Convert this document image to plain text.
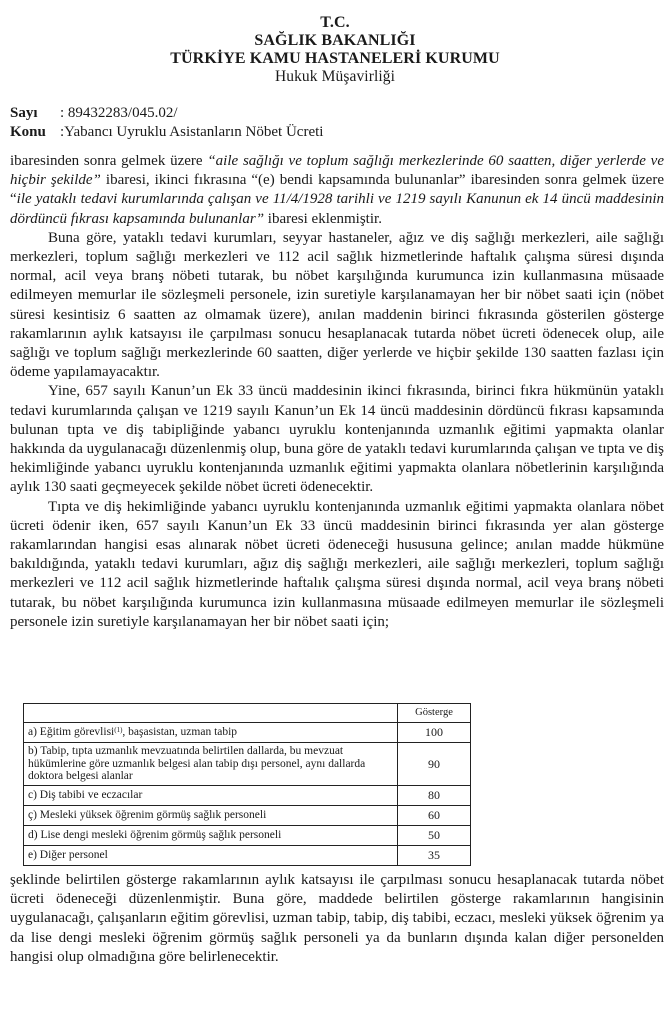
T.C.
SAĞLIK BAKANLIĞI
TÜRKİYE KAMU HASTANELERİ KURUMU
Hukuk Müşavirliği
Sayı : 89432283/045.02/
Konu :Yabancı Uyruklu Asistanların Nöbet Ücreti

ibaresinden sonra gelmek üzere “aile sağlığı ve toplum sağlığı merkezlerinde 60 saatten, diğer yerlerde ve hiçbir şekilde” ibaresi, ikinci fıkrasına “(e) bendi kapsamında bulunanlar” ibaresinden sonra gelmek üzere “ile yataklı tedavi kurumlarında çalışan ve 11/4/1928 tarihli ve 1219 sayılı Kanunun ek 14 üncü maddesinin dördüncü fıkrası kapsamında bulunanlar” ibaresi eklenmiştir.

Buna göre, yataklı tedavi kurumları, seyyar hastaneler, ağız ve diş sağlığı merkezleri, aile sağlığı merkezleri, toplum sağlığı merkezleri ve 112 acil sağlık hizmetlerinde haftalık çalışma süresi dışında normal, acil veya branş nöbeti tutarak, bu nöbet karşılığında kurumunca izin kullanmasına müsaade edilmeyen memurlar ile sözleşmeli personele, izin suretiyle karşılanamayan her bir nöbet saati için (nöbet süresi kesintisiz 6 saatten az olmamak üzere), anılan maddenin birinci fıkrasında gösterilen gösterge rakamlarının aylık katsayısı ile çarpılması sonucu hesaplanacak tutarda nöbet ücreti ödenecek olup, aile sağlığı ve toplum sağlığı merkezlerinde 60 saatten, diğer yerlerde ve hiçbir şekilde 130 saatten fazlası için ödeme yapılamayacaktır.

Yine, 657 sayılı Kanun’un Ek 33 üncü maddesinin ikinci fıkrasında, birinci fıkra hükmünün yataklı tedavi kurumlarında çalışan ve 1219 sayılı Kanun’un Ek 14 üncü maddesinin dördüncü fıkrası kapsamında bulunan tıpta ve diş tabipliğinde yabancı uyruklu kontenjanında uzmanlık eğitimi yapmakta olanlar hakkında da uygulanacağı düzenlenmiş olup, buna göre de yataklı tedavi kurumlarında çalışan ve tıpta ve diş hekimliğinde yabancı uyruklu kontenjanında uzmanlık eğitimi yapmakta olanlara nöbetlerinin karşılığında aylık 130 saati geçmeyecek şekilde nöbet ücreti ödenecektir.

Tıpta ve diş hekimliğinde yabancı uyruklu kontenjanında uzmanlık eğitimi yapmakta olanlara nöbet ücreti ödenir iken, 657 sayılı Kanun’un Ek 33 üncü maddesinin birinci fıkrasında yer alan gösterge rakamlarından hangisi esas alınarak nöbet ücreti ödeneceği hususuna gelince; anılan madde hükmüne bakıldığında, yataklı tedavi kurumları, ağız diş sağlığı merkezleri, aile sağlığı merkezleri, toplum sağlığı merkezleri ve 112 acil sağlık hizmetlerinde haftalık çalışma süresi dışında normal, acil veya branş nöbeti tutarak, bu nöbet karşılığında kurumunca izin kullanmasına müsaade edilmeyen memurlar ile sözleşmeli personele izin suretiyle karşılanamayan her bir nöbet saati için;

	Gösterge
a) Eğitim görevlisi$^{(1)}$, başasistan, uzman tabip	100
b) Tabip, tıpta uzmanlık mevzuatında belirtilen dallarda, bu mevzuat hükümlerine göre uzmanlık belgesi alan tabip dışı personel, aynı dallarda doktora belgesi alanlar	90
c) Diş tabibi ve eczacılar	80
ç) Mesleki yüksek öğrenim görmüş sağlık personeli	60
d) Lise dengi mesleki öğrenim görmüş sağlık personeli	50
e) Diğer personel	35

şeklinde belirtilen gösterge rakamlarının aylık katsayısı ile çarpılması sonucu hesaplanacak tutarda nöbet ücreti ödeneceği düzenlenmiştir. Buna göre, maddede belirtilen gösterge rakamlarının hangisinin uygulanacağı, çalışanların eğitim görevlisi, uzman tabip, tabip, diş tabibi, eczacı, mesleki yüksek öğrenim ya da lise dengi mesleki öğrenim görmüş sağlık personeli ya da bunların dışında kalan diğer personelden hangisi olup olmadığına göre belirlenecektir.
